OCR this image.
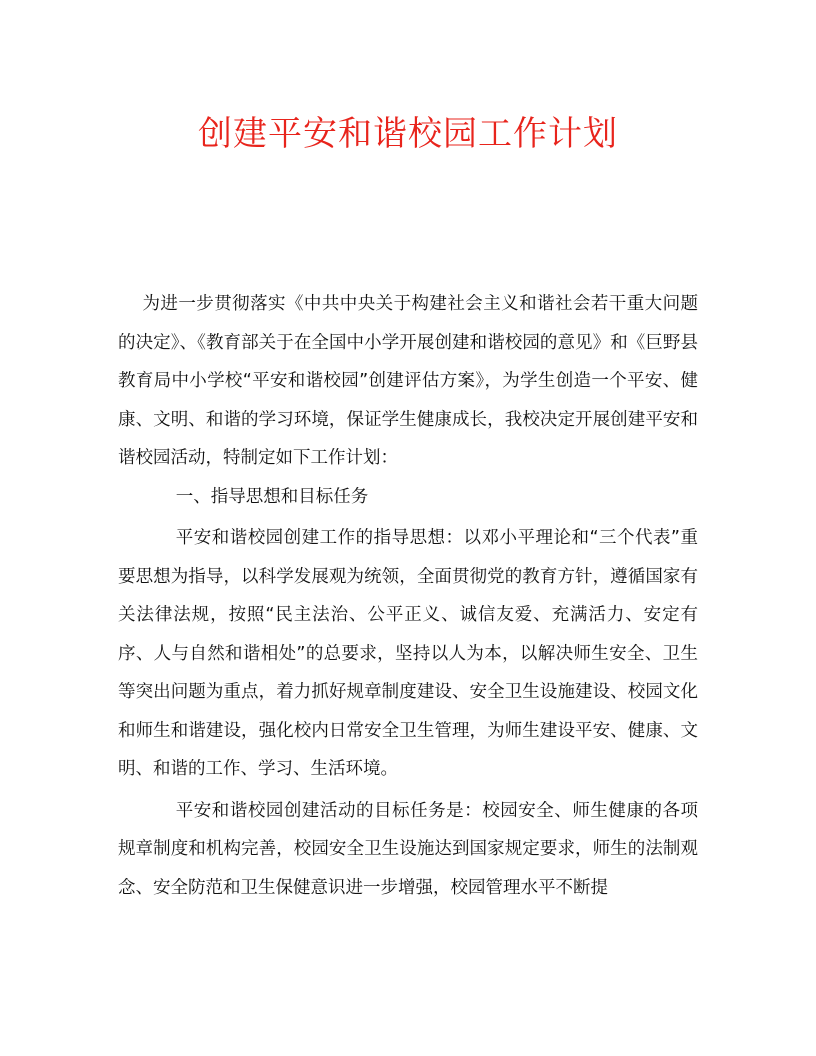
创建平安和谐校园工作计划

为进一步贯彻落实《中共中央关于构建社会主义和谐社会若干重大问题的决定》、《教育部关于在全国中小学开展创建和谐校园的意见》和《巨野县教育局中小学校“平安和谐校园”创建评估方案》，为学生创造一个平安、健康、文明、和谐的学习环境，保证学生健康成长，我校决定开展创建平安和谐校园活动，特制定如下工作计划：

一、指导思想和目标任务

平安和谐校园创建工作的指导思想：以邓小平理论和“三个代表”重要思想为指导，以科学发展观为统领，全面贯彻党的教育方针，遵循国家有关法律法规，按照“民主法治、公平正义、诚信友爱、充满活力、安定有序、人与自然和谐相处”的总要求，坚持以人为本，以解决师生安全、卫生等突出问题为重点，着力抓好规章制度建设、安全卫生设施建设、校园文化和师生和谐建设，强化校内日常安全卫生管理，为师生建设平安、健康、文明、和谐的工作、学习、生活环境。

平安和谐校园创建活动的目标任务是：校园安全、师生健康的各项规章制度和机构完善，校园安全卫生设施达到国家规定要求，师生的法制观念、安全防范和卫生保健意识进一步增强，校园管理水平不断提
